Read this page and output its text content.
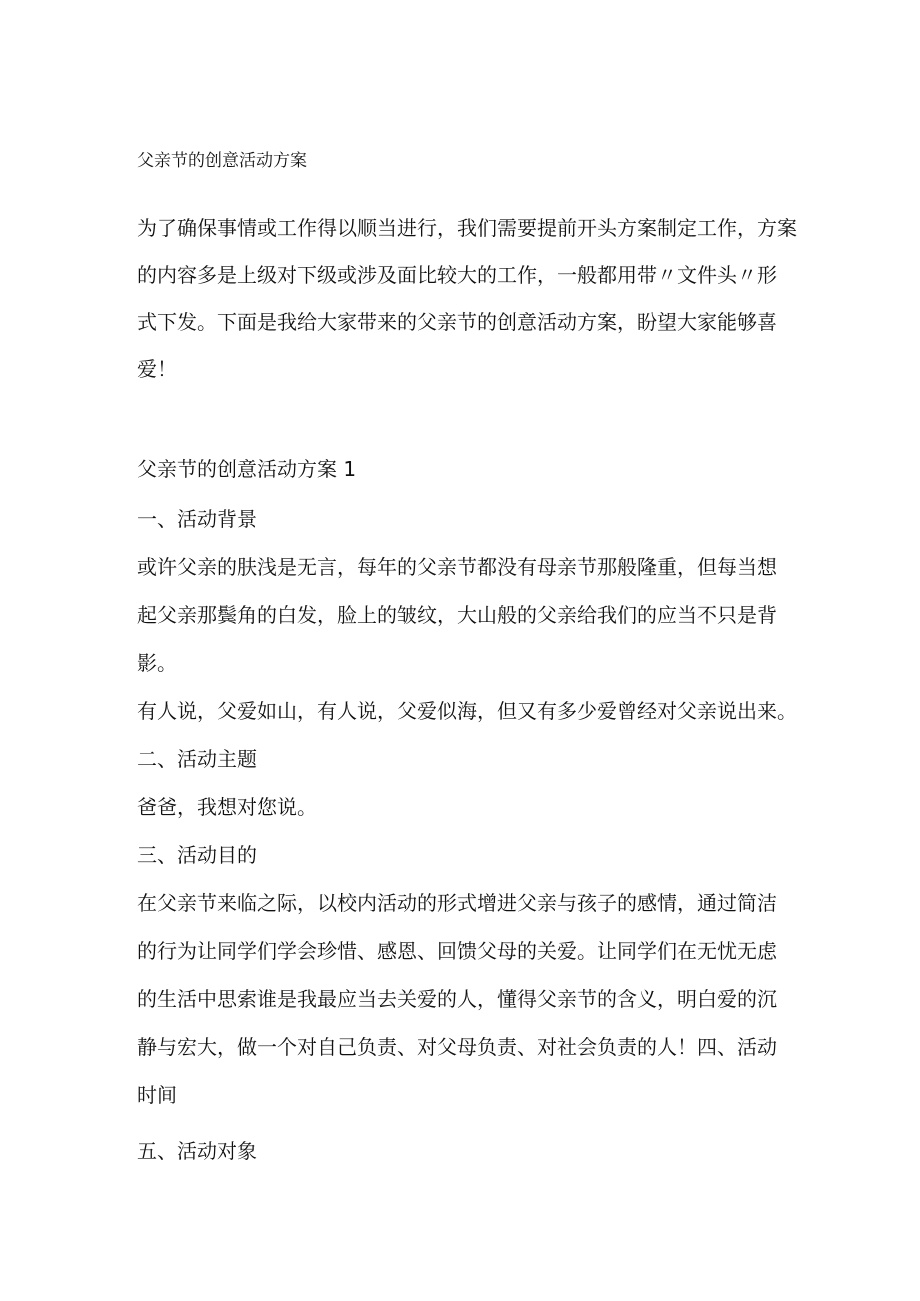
父亲节的创意活动方案
为了确保事情或工作得以顺当进行，我们需要提前开头方案制定工作，方案
的内容多是上级对下级或涉及面比较大的工作，一般都用带〃文件头〃形
式下发。下面是我给大家带来的父亲节的创意活动方案，盼望大家能够喜
爱！
父亲节的创意活动方案 1
一、活动背景
或许父亲的肤浅是无言，每年的父亲节都没有母亲节那般隆重，但每当想
起父亲那鬓角的白发，脸上的皱纹，大山般的父亲给我们的应当不只是背
影。
有人说，父爱如山，有人说，父爱似海，但又有多少爱曾经对父亲说出来。
二、活动主题
爸爸，我想对您说。
三、活动目的
在父亲节来临之际，以校内活动的形式增进父亲与孩子的感情，通过简洁
的行为让同学们学会珍惜、感恩、回馈父母的关爱。让同学们在无忧无虑
的生活中思索谁是我最应当去关爱的人，懂得父亲节的含义，明白爱的沉
静与宏大，做一个对自己负责、对父母负责、对社会负责的人！四、活动
时间
五、活动对象
